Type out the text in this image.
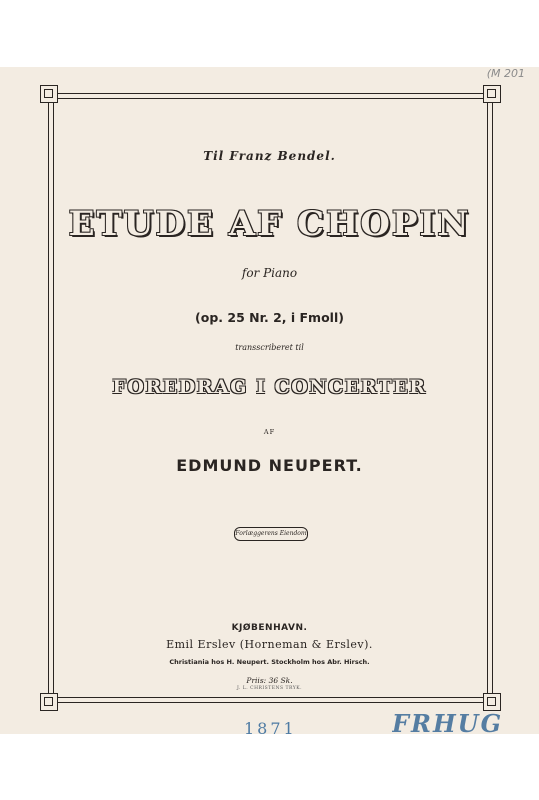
(M 201
Til Franz Bendel.
ETUDE AF CHOPIN
for Piano
(op. 25 Nr. 2, i Fmoll)
transscriberet til
FOREDRAG I CONCERTER
AF
EDMUND NEUPERT.
Forlæggerens Eiendom
KJØBENHAVN.
Emil Erslev (Horneman & Erslev).
Christiania hos H. Neupert. Stockholm hos Abr. Hirsch.
Priis: 36 Sk.
J. L. CHRISTENS TRYK.
1871	FRHUG
